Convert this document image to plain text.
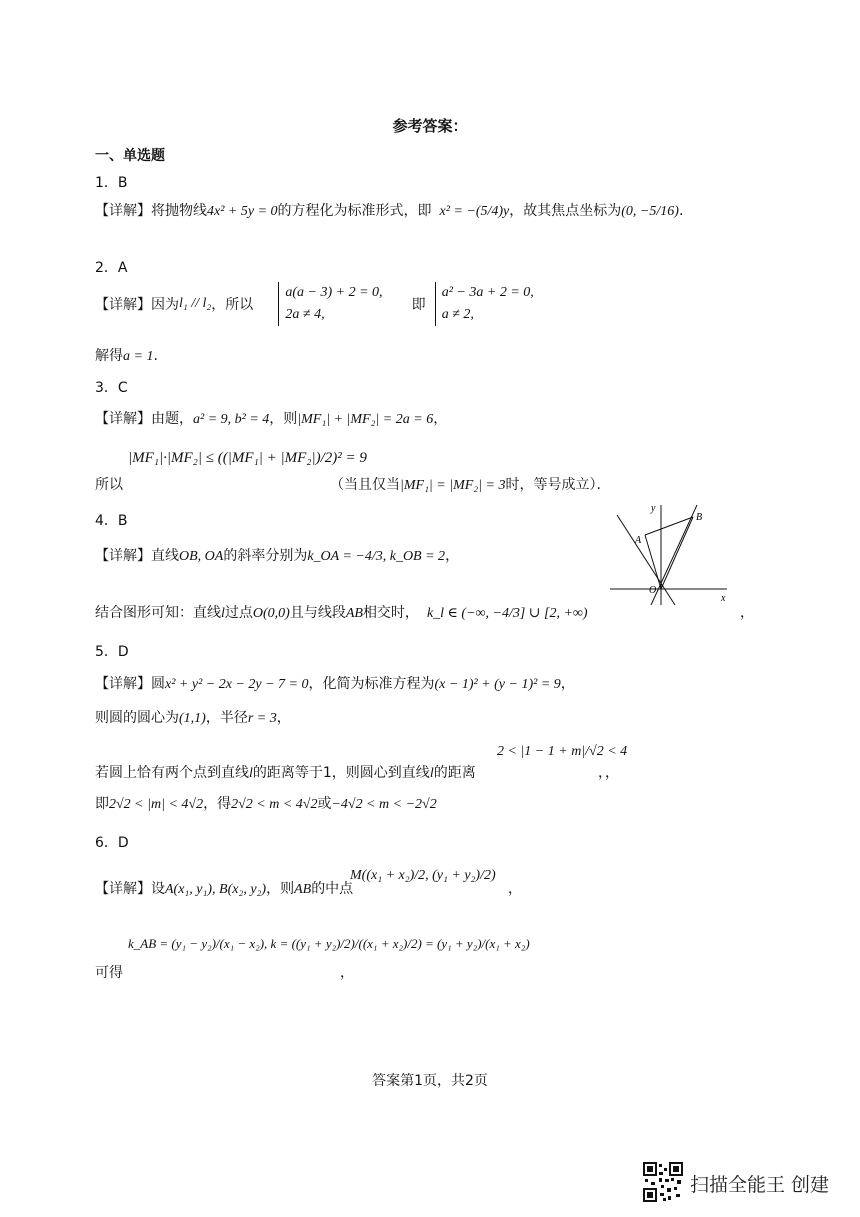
参考答案：
一、单选题
1．B
【详解】将抛物线4x² + 5y = 0的方程化为标准形式，即 x² = −(5/4)y，故其焦点坐标为(0, −5/16).
2．A
【详解】因为l₁ // l₂，所以
a(a − 3) + 2 = 0,
2a ≠ 4,
即
a² − 3a + 2 = 0,
a ≠ 2,
解得a = 1.
3．C
【详解】由题，a² = 9, b² = 4，则|MF₁| + |MF₂| = 2a = 6，
所以
|MF₁|·|MF₂| ≤ ((|MF₁| + |MF₂|)/2)² = 9
（当且仅当|MF₁| = |MF₂| = 3时，等号成立）．
4．B
【详解】直线OB, OA的斜率分别为k_OA = −4/3, k_OB = 2，
结合图形可知：直线l过点O(0,0)且与线段AB相交时， k_l ∈ (−∞, −4/3] ∪ [2, +∞)	，
x
y
A
B
O
5．D
【详解】圆x² + y² − 2x − 2y − 7 = 0，化简为标准方程为(x − 1)² + (y − 1)² = 9，
则圆的圆心为(1,1)，半径r = 3，
若圆上恰有两个点到直线l的距离等于1，则圆心到直线l的距离
2 < |1 − 1 + m|/√2 < 4
，，
即2√2 < |m| < 4√2，得2√2 < m < 4√2或−4√2 < m < −2√2
6．D
【详解】设A(x₁, y₁), B(x₂, y₂)，则AB的中点
M((x₁ + x₂)/2, (y₁ + y₂)/2)
，
k_AB = (y₁ − y₂)/(x₁ − x₂), k = ((y₁ + y₂)/2)/((x₁ + x₂)/2) = (y₁ + y₂)/(x₁ + x₂)
可得	，
答案第1页，共2页
扫描全能王 创建
